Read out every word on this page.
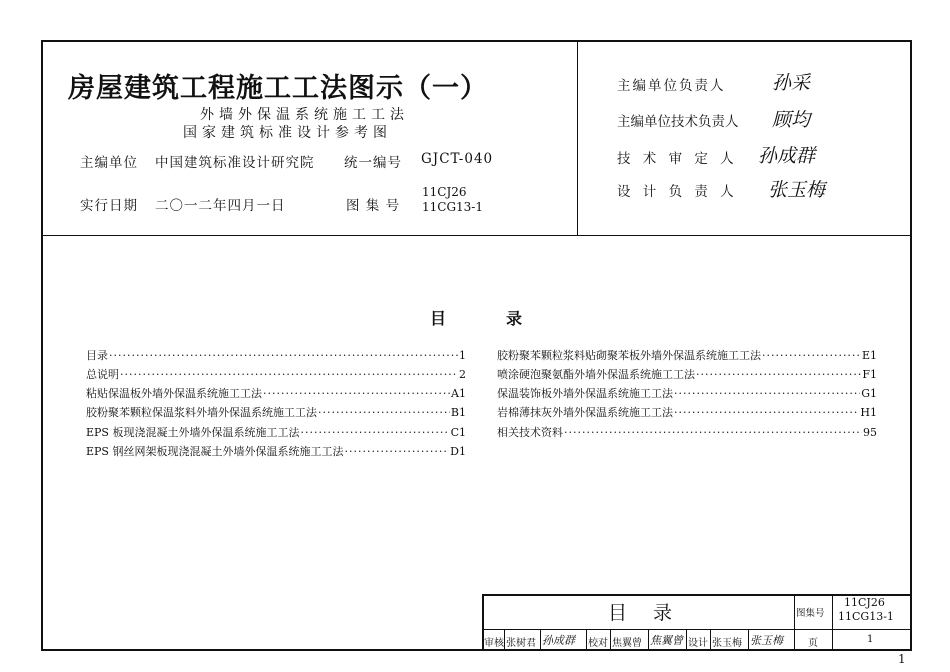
房屋建筑工程施工工法图示（一）
外墙外保温系统施工工法
国家建筑标准设计参考图
主编单位 中国建筑标准设计研究院 统一编号 GJCT-040
实行日期 二〇一二年四月一日	图 集 号
11CJ26
11CG13-1
主编单位负责人 孙采
主编单位技术负责人 顾均
技 术 审 定 人 孙成群
设 计 负 责 人 张玉梅
目	录
目录 ·····	1
总说明 ·····	2
粘贴保温板外墙外保温系统施工工法 ·····	A1
胶粉聚苯颗粒保温浆料外墙外保温系统施工工法 ·····	B1
EPS 板现浇混凝土外墙外保温系统施工工法 ·····	C1
EPS 钢丝网架板现浇混凝土外墙外保温系统施工工法 ·····	D1
胶粉聚苯颗粒浆料贴砌聚苯板外墙外保温系统施工工法 ·····	E1
喷涂硬泡聚氨酯外墙外保温系统施工工法 ·····	F1
保温装饰板外墙外保温系统施工工法 ·····	G1
岩棉薄抹灰外墙外保温系统施工工法 ·····	H1
相关技术资料 ·····	95
目 录	图集号
11CJ26
11CG13-1
审核 张树君 孙成群 校对 焦翼曾 焦翼曾 设计 张玉梅 张玉梅	页	1
1
